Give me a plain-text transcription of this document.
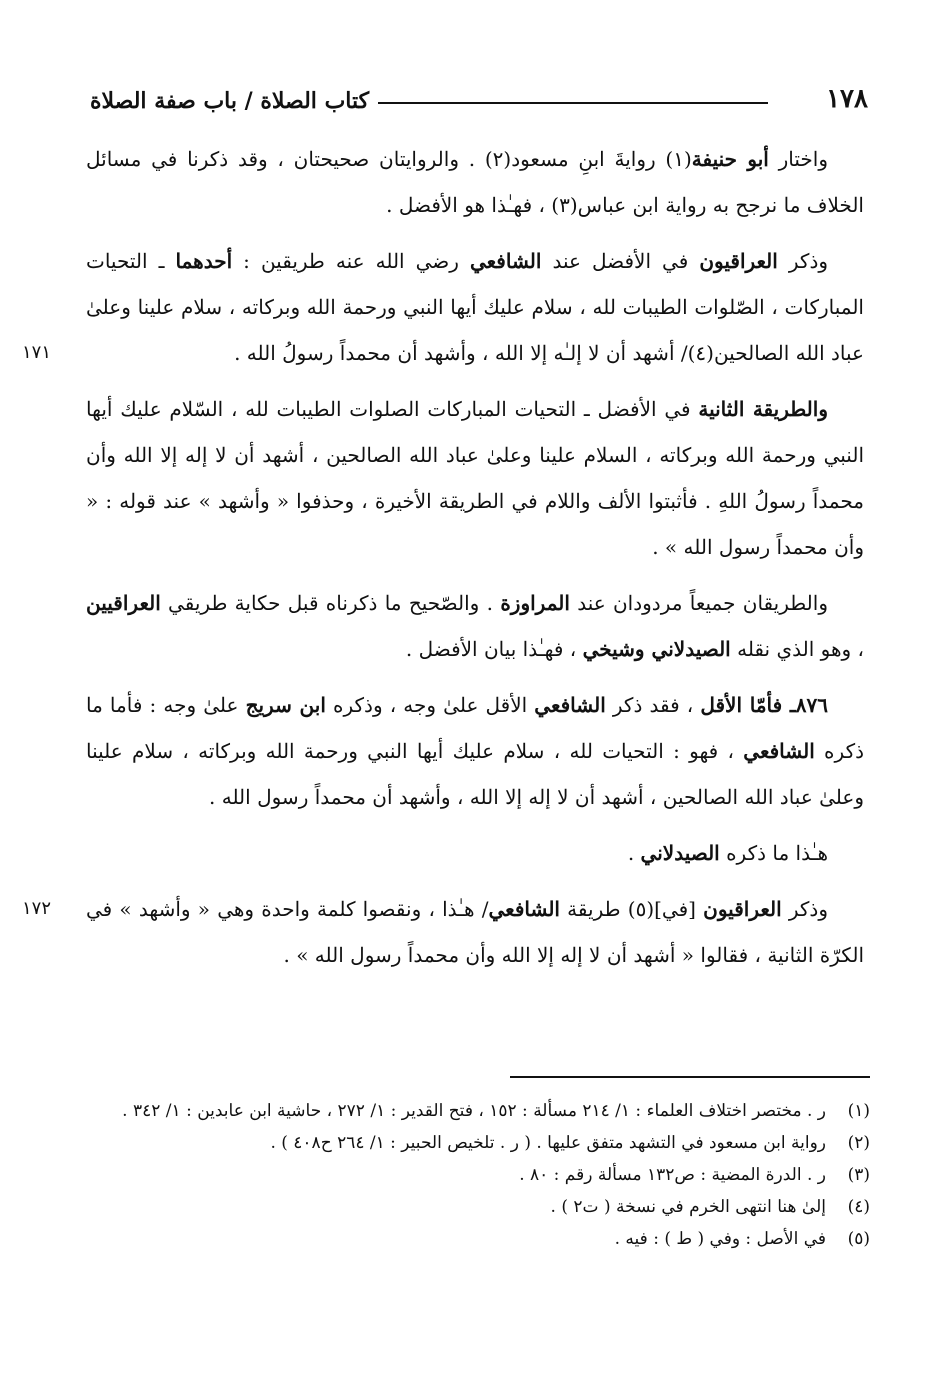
١٧٨
كتاب الصلاة / باب صفة الصلاة

واختار أبو حنيفة(١) روايةَ ابنِ مسعود(٢) . والروايتان صحيحتان ، وقد ذكرنا في مسائل الخلاف ما نرجح به رواية ابن عباس(٣) ، فهـٰذا هو الأفضل .

١٧١
وذكر العراقيون في الأفضل عند الشافعي رضي الله عنه طريقين : أحدهما ـ التحيات المباركات ، الصّلوات الطيبات لله ، سلام عليك أيها النبي ورحمة الله وبركاته ، سلام علينا وعلىٰ عباد الله الصالحين(٤)/ أشهد أن لا إلـٰه إلا الله ، وأشهد أن محمداً رسولُ الله .

والطريقة الثانية في الأفضل ـ التحيات المباركات الصلوات الطيبات لله ، السّلام عليك أيها النبي ورحمة الله وبركاته ، السلام علينا وعلىٰ عباد الله الصالحين ، أشهد أن لا إله إلا الله وأن محمداً رسولُ اللهِ . فأثبتوا الألف واللام في الطريقة الأخيرة ، وحذفوا « وأشهد » عند قوله : « وأن محمداً رسول الله » .

والطريقان جميعاً مردودان عند المراوزة . والصّحيح ما ذكرناه قبل حكاية طريقي العراقيين ، وهو الذي نقله الصيدلاني وشيخي ، فهـٰذا بيان الأفضل .

٨٧٦ـ فأمّا الأقل ، فقد ذكر الشافعي الأقل علىٰ وجه ، وذكره ابن سريج علىٰ وجه : فأما ما ذكره الشافعي ، فهو : التحيات لله ، سلام عليك أيها النبي ورحمة الله وبركاته ، سلام علينا وعلىٰ عباد الله الصالحين ، أشهد أن لا إله إلا الله ، وأشهد أن محمداً رسول الله .

هـٰذا ما ذكره الصيدلاني .

١٧٢	وذكر العراقيون [في](٥) طريقة الشافعي/ هـٰذا ، ونقصوا كلمة واحدة وهي « وأشهد » في الكرّة الثانية ، فقالوا « أشهد أن لا إله إلا الله وأن محمداً رسول الله » .

(١)
ر . مختصر اختلاف العلماء : ١/ ٢١٤ مسألة : ١٥٢ ، فتح القدير : ١/ ٢٧٢ ، حاشية ابن عابدين : ١/ ٣٤٢ .
(٢)
رواية ابن مسعود في التشهد متفق عليها . ( ر . تلخيص الحبير : ١/ ٢٦٤ ح٤٠٨ ) .
(٣)
ر . الدرة المضية : ص١٣٢ مسألة رقم : ٨٠ .
(٤)
إلىٰ هنا انتهى الخرم في نسخة ( ت٢ ) .
(٥)
في الأصل : وفي ( ط ) : فيه .
